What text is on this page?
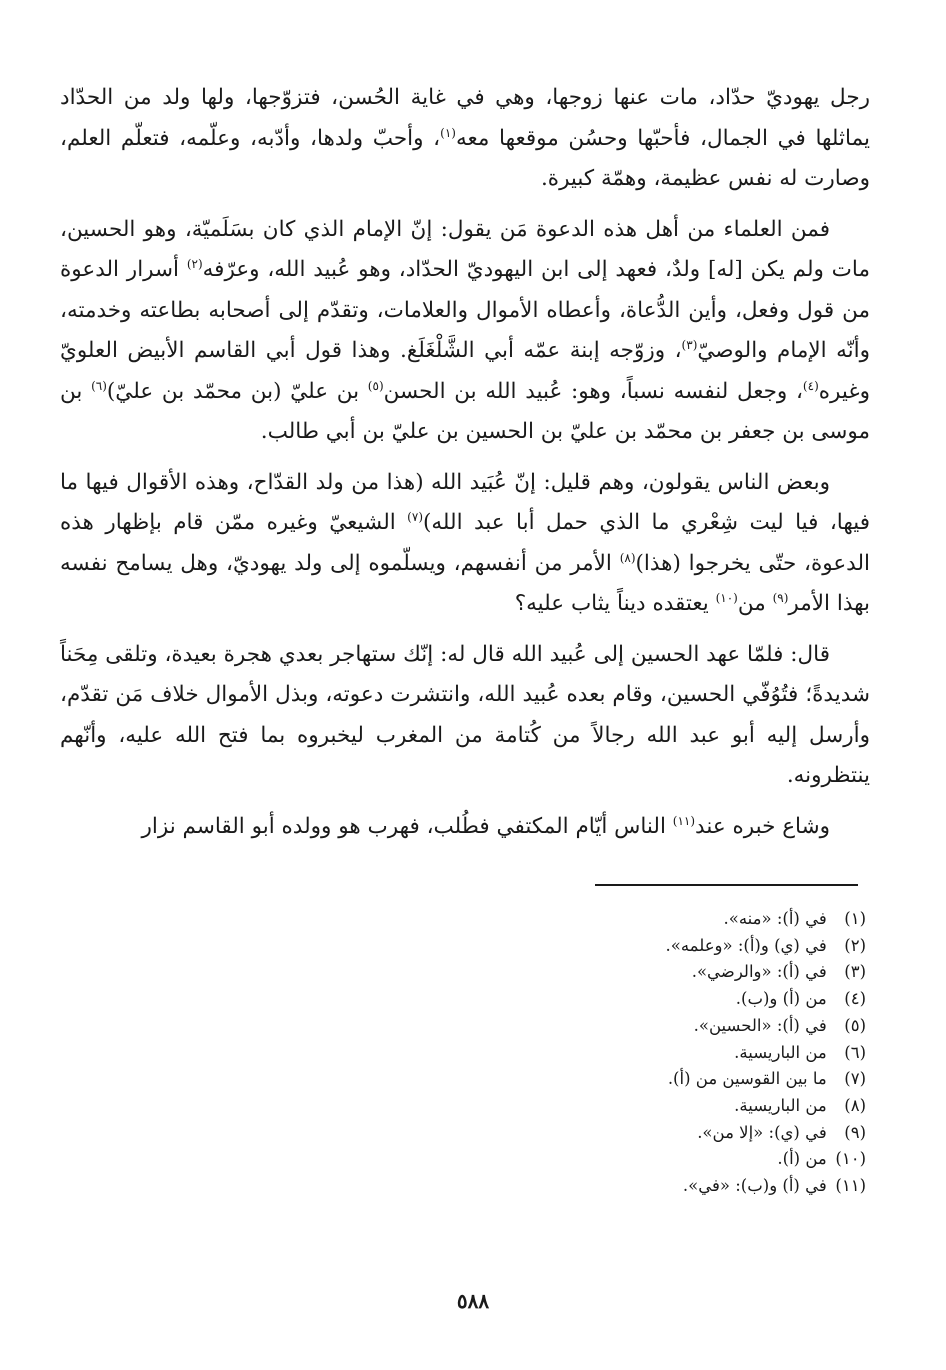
رجل يهوديّ حدّاد، مات عنها زوجها، وهي في غاية الحُسن، فتزوّجها، ولها ولد من الحدّاد يماثلها في الجمال، فأحبّها وحسُن موقعها معه$^{(١)}$، وأحبّ ولدها، وأدّبه، وعلّمه، فتعلّم العلم، وصارت له نفس عظيمة، وهمّة كبيرة.

فمن العلماء من أهل هذه الدعوة مَن يقول: إنّ الإمام الذي كان بسَلَميّة، وهو الحسين، مات ولم يكن [له] ولدٌ، فعهد إلى ابن اليهوديّ الحدّاد، وهو عُبيد الله، وعرّفه$^{(٢)}$ أسرار الدعوة من قول وفعل، وأين الدُّعاة، وأعطاه الأموال والعلامات، وتقدّم إلى أصحابه بطاعته وخدمته، وأنّه الإمام والوصيّ$^{(٣)}$، وزوّجه إبنة عمّه أبي الشَّلْغَلَغ. وهذا قول أبي القاسم الأبيض العلويّ وغيره$^{(٤)}$، وجعل لنفسه نسباً، وهو: عُبيد الله بن الحسن$^{(٥)}$ بن عليّ (بن محمّد بن عليّ)$^{(٦)}$ بن موسى بن جعفر بن محمّد بن عليّ بن الحسين بن عليّ بن أبي طالب.

وبعض الناس يقولون، وهم قليل: إنّ عُبَيد الله (هذا من ولد القدّاح، وهذه الأقوال فيها ما فيها، فيا ليت شِعْري ما الذي حمل أبا عبد الله)$^{(٧)}$ الشيعيّ وغيره ممّن قام بإظهار هذه الدعوة، حتّى يخرجوا (هذا)$^{(٨)}$ الأمر من أنفسهم، ويسلّموه إلى ولد يهوديّ، وهل يسامح نفسه بهذا الأمر$^{(٩)}$ من$^{(١٠)}$ يعتقده ديناً يثاب عليه؟

قال: فلمّا عهد الحسين إلى عُبيد الله قال له: إنّك ستهاجر بعدي هجرة بعيدة، وتلقى مِحَناً شديدةً؛ فتُوُفّي الحسين، وقام بعده عُبيد الله، وانتشرت دعوته، وبذل الأموال خلاف مَن تقدّم، وأرسل إليه أبو عبد الله رجالاً من كُتامة من المغرب ليخبروه بما فتح الله عليه، وأنّهم ينتظرونه.

وشاع خبره عند$^{(١١)}$ الناس أيّام المكتفي فطُلب، فهرب هو وولده أبو القاسم نزار

(١) في (أ): «منه».
(٢) في (ي) و(أ): «وعلمه».
(٣) في (أ): «والرضي».
(٤) من (أ) و(ب).
(٥) في (أ): «الحسين».
(٦) من الباريسية.
(٧) ما بين القوسين من (أ).
(٨) من الباريسية.
(٩) في (ي): «إلا من».
(١٠) من (أ).
(١١) في (أ) و(ب): «في».
٥٨٨
